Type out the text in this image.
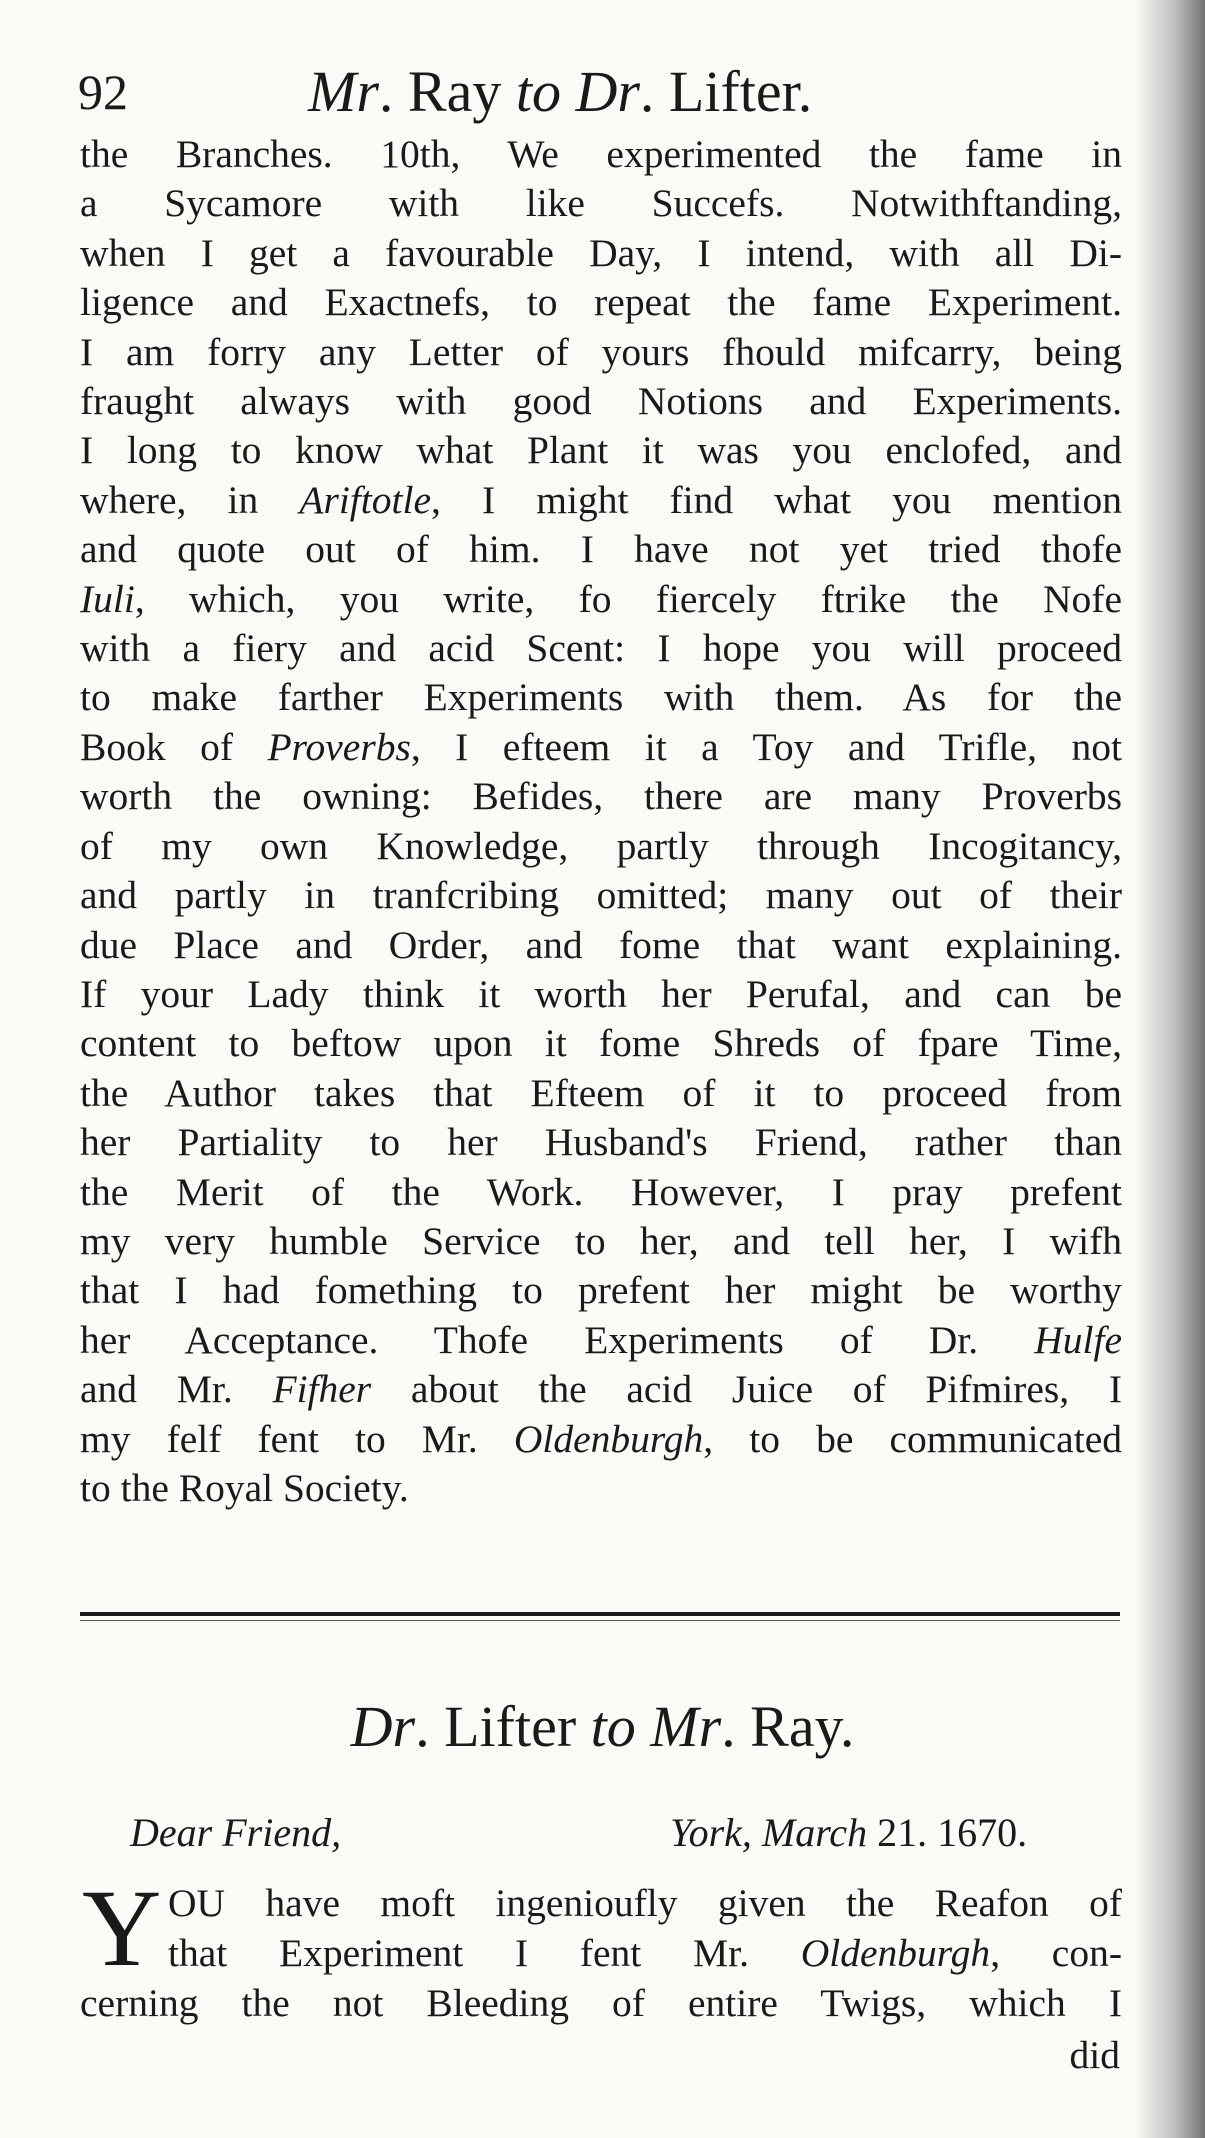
92	Mr. Ray to Dr. Lifter.
the Branches. 10th, We experimented the fame in
a Sycamore with like Succefs. Notwithftanding,
when I get a favourable Day, I intend, with all Di-
ligence and Exactnefs, to repeat the fame Experiment.
I am forry any Letter of yours fhould mifcarry, being
fraught always with good Notions and Experiments.
I long to know what Plant it was you enclofed, and
where, in Ariftotle, I might find what you mention
and quote out of him. I have not yet tried thofe
Iuli, which, you write, fo fiercely ftrike the Nofe
with a fiery and acid Scent: I hope you will proceed
to make farther Experiments with them. As for the
Book of Proverbs, I efteem it a Toy and Trifle, not
worth the owning: Befides, there are many Proverbs
of my own Knowledge, partly through Incogitancy,
and partly in tranfcribing omitted; many out of their
due Place and Order, and fome that want explaining.
If your Lady think it worth her Perufal, and can be
content to beftow upon it fome Shreds of fpare Time,
the Author takes that Efteem of it to proceed from
her Partiality to her Husband's Friend, rather than
the Merit of the Work. However, I pray prefent
my very humble Service to her, and tell her, I wifh
that I had fomething to prefent her might be worthy
her Acceptance. Thofe Experiments of Dr. Hulfe
and Mr. Fifher about the acid Juice of Pifmires, I
my felf fent to Mr. Oldenburgh, to be communicated
to the Royal Society.
Dr. Lifter to Mr. Ray.
Dear Friend,	York, March 21. 1670.
Y OU have moft ingenioufly given the Reafon of
that Experiment I fent Mr. Oldenburgh, con-
cerning the not Bleeding of entire Twigs, which I
did
